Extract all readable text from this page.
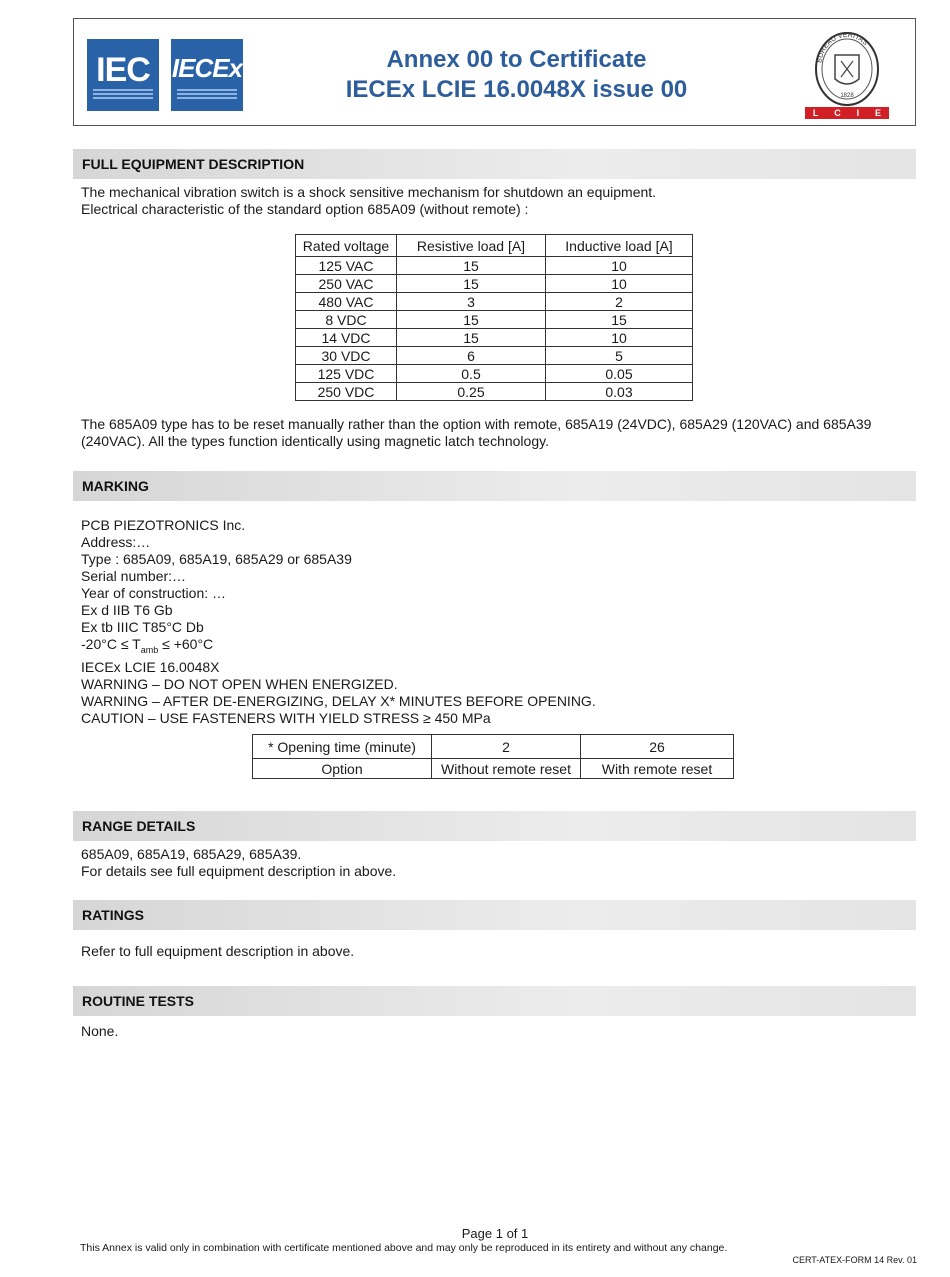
IEC IECEx	Annex 00 to Certificate
IECEx LCIE 16.0048X issue 00
BUREAU VERITAS
1828
L C I E
FULL EQUIPMENT DESCRIPTION
The mechanical vibration switch is a shock sensitive mechanism for shutdown an equipment.
Electrical characteristic of the standard option 685A09 (without remote) :
Rated voltage	Resistive load [A]	Inductive load [A]
125 VAC	15	10
250 VAC	15	10
480 VAC	3	2
8 VDC	15	15
14 VDC	15	10
30 VDC	6	5
125 VDC	0.5	0.05
250 VDC	0.25	0.03
The 685A09 type has to be reset manually rather than the option with remote, 685A19 (24VDC), 685A29 (120VAC) and 685A39
(240VAC). All the types function identically using magnetic latch technology.
MARKING
PCB PIEZOTRONICS Inc.
Address:…
Type : 685A09, 685A19, 685A29 or 685A39
Serial number:…
Year of construction: …
Ex d IIB T6 Gb
Ex tb IIIC T85°C Db
$-20^\circ C \le T_{amb} \le +60^\circ C$
IECEx LCIE 16.0048X
WARNING – DO NOT OPEN WHEN ENERGIZED.
WARNING – AFTER DE-ENERGIZING, DELAY X* MINUTES BEFORE OPENING.
CAUTION – USE FASTENERS WITH YIELD STRESS ≥ 450 MPa
* Opening time (minute)	2	26
Option	Without remote reset	With remote reset
RANGE DETAILS
685A09, 685A19, 685A29, 685A39.
For details see full equipment description in above.
RATINGS
Refer to full equipment description in above.
ROUTINE TESTS
None.
Page 1 of 1
This Annex is valid only in combination with certificate mentioned above and may only be reproduced in its entirety and without any change.
CERT-ATEX-FORM 14 Rev. 01
